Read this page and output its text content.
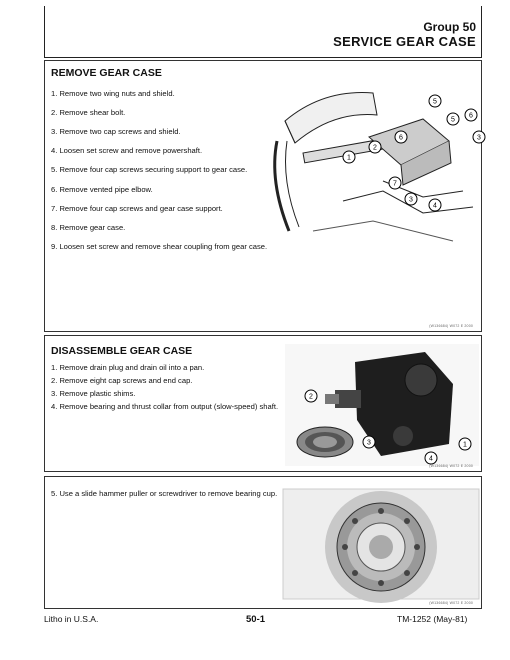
Group 50
SERVICE GEAR CASE
REMOVE GEAR CASE
1. Remove two wing nuts and shield.
2. Remove shear bolt.
3. Remove two cap screws and shield.
4. Loosen set screw and remove powershaft.
5. Remove four cap screws securing support to gear case.
6. Remove vented pipe elbow.
7. Remove four cap screws and gear case support.
8. Remove gear case.
9. Loosen set screw and remove shear coupling from gear case.
5
6
5
3
6
2
1
7
3
4
(W136684) W072 E 2000
DISASSEMBLE GEAR CASE
1. Remove drain plug and drain oil into a pan.
2. Remove eight cap screws and end cap.
3. Remove plastic shims.
4. Remove bearing and thrust collar from output (slow-speed) shaft.
2
3
4
1
(W136684) W072 E 2000
5. Use a slide hammer puller or screwdriver to remove bearing cup.
(W136684) W072 E 2000
Litho in U.S.A.	50-1	TM-1252 (May-81)
